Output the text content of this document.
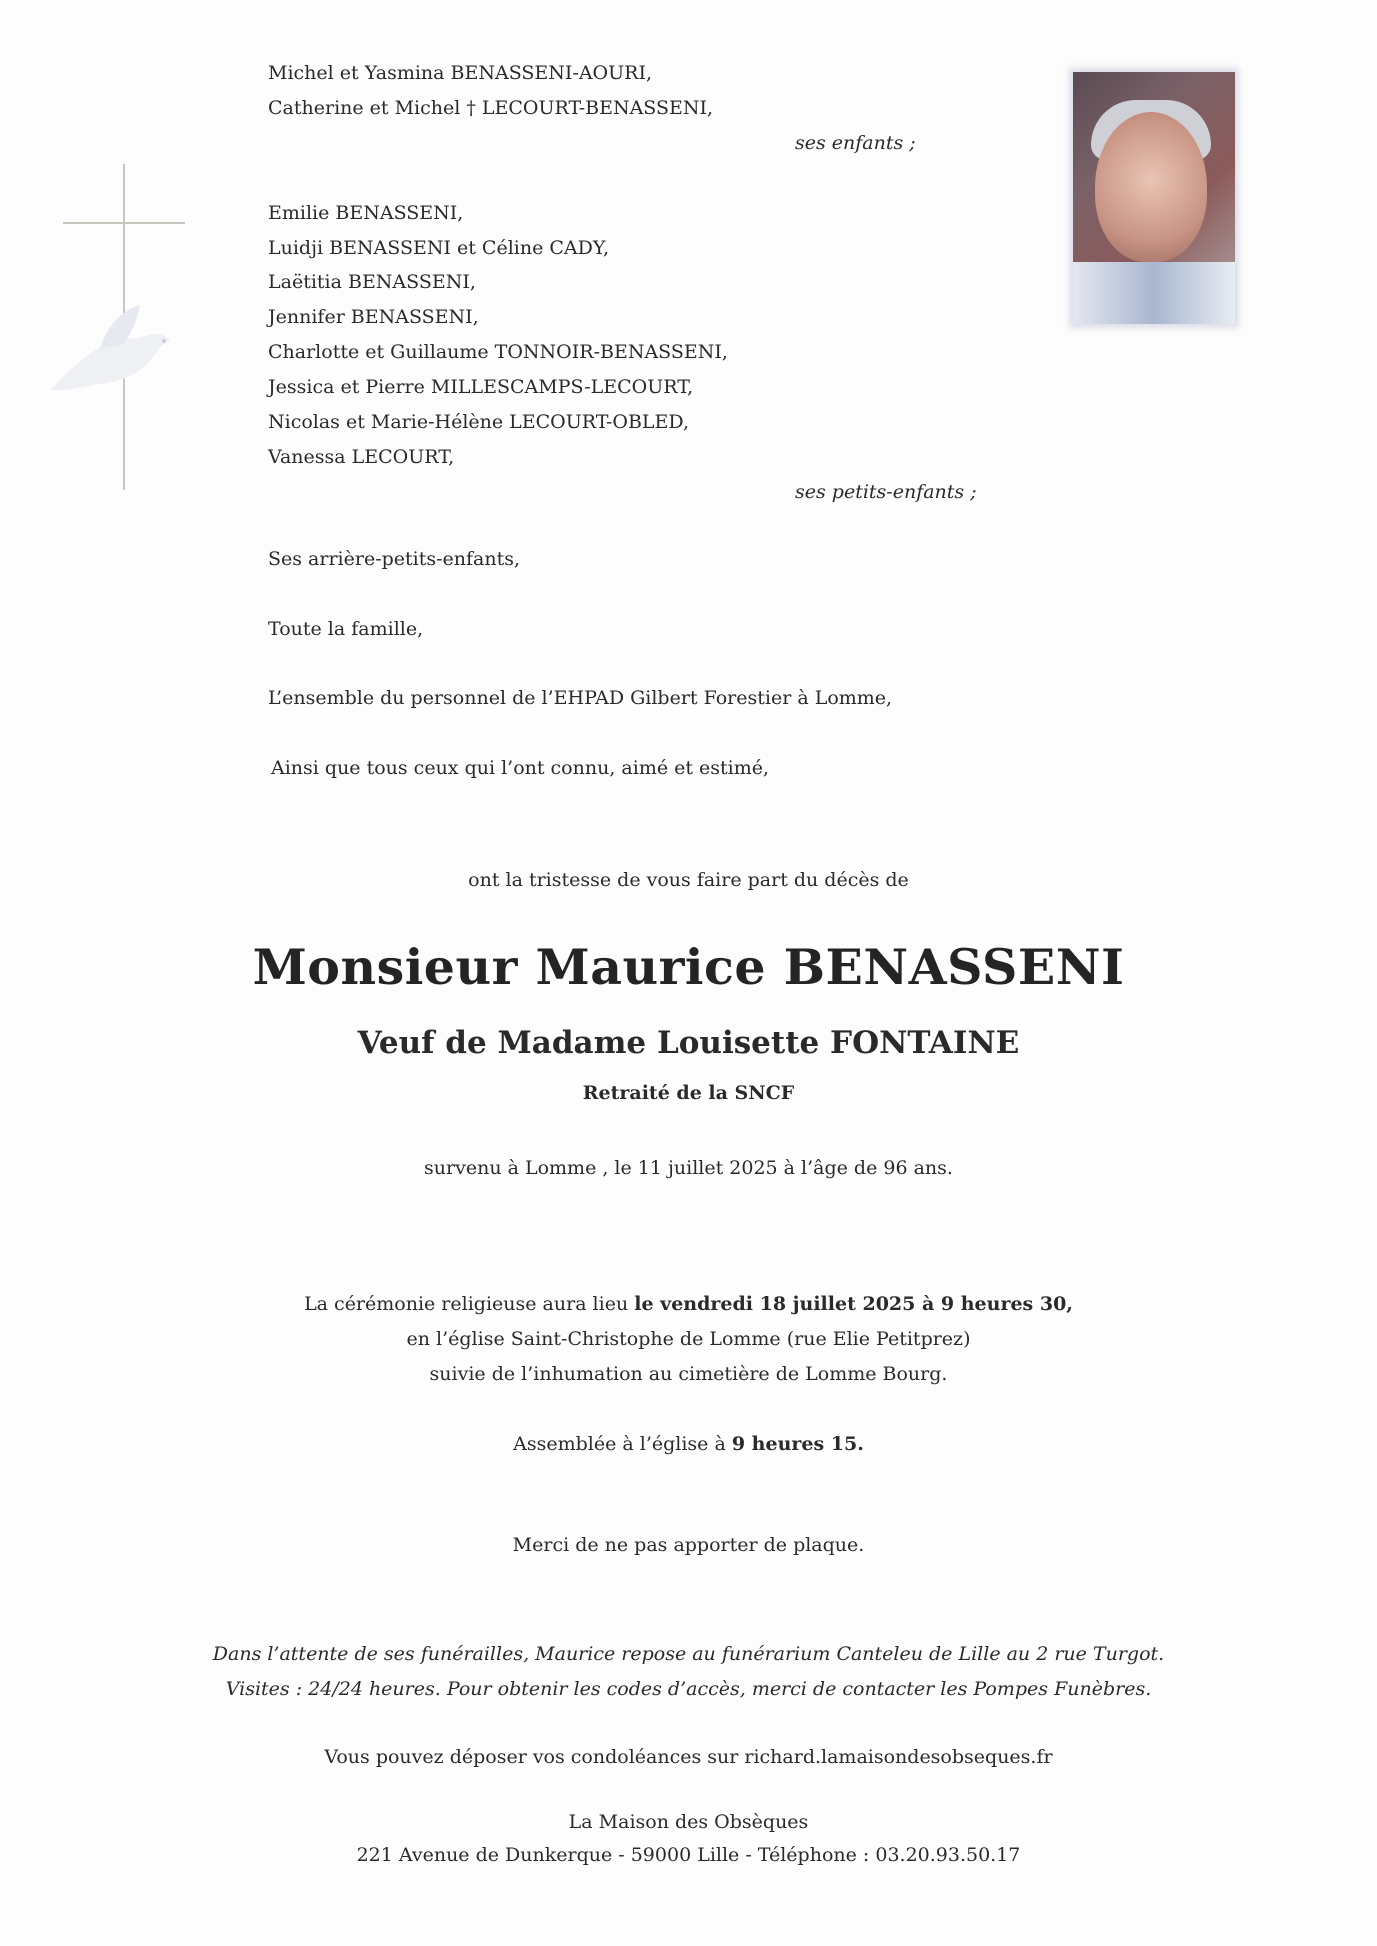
Michel et Yasmina BENASSENI-AOURI,
Catherine et Michel † LECOURT-BENASSENI,
ses enfants ;
Emilie BENASSENI,
Luidji BENASSENI et Céline CADY,
Laëtitia BENASSENI,
Jennifer BENASSENI,
Charlotte et Guillaume TONNOIR-BENASSENI,
Jessica et Pierre MILLESCAMPS-LECOURT,
Nicolas et Marie-Hélène LECOURT-OBLED,
Vanessa LECOURT,
ses petits-enfants ;
Ses arrière-petits-enfants,
Toute la famille,
L’ensemble du personnel de l’EHPAD Gilbert Forestier à Lomme,
Ainsi que tous ceux qui l’ont connu, aimé et estimé,
ont la tristesse de vous faire part du décès de
Monsieur Maurice BENASSENI
Veuf de Madame Louisette FONTAINE
Retraité de la SNCF
survenu à Lomme , le 11 juillet 2025 à l’âge de 96 ans.
La cérémonie religieuse aura lieu le vendredi 18 juillet 2025 à 9 heures 30,
en l’église Saint-Christophe de Lomme (rue Elie Petitprez)
suivie de l’inhumation au cimetière de Lomme Bourg.
Assemblée à l’église à 9 heures 15.
Merci de ne pas apporter de plaque.
Dans l’attente de ses funérailles, Maurice repose au funérarium Canteleu de Lille au 2 rue Turgot.
Visites : 24/24 heures. Pour obtenir les codes d’accès, merci de contacter les Pompes Funèbres.
Vous pouvez déposer vos condoléances sur richard.lamaisondesobseques.fr
La Maison des Obsèques
221 Avenue de Dunkerque - 59000 Lille - Téléphone : 03.20.93.50.17
